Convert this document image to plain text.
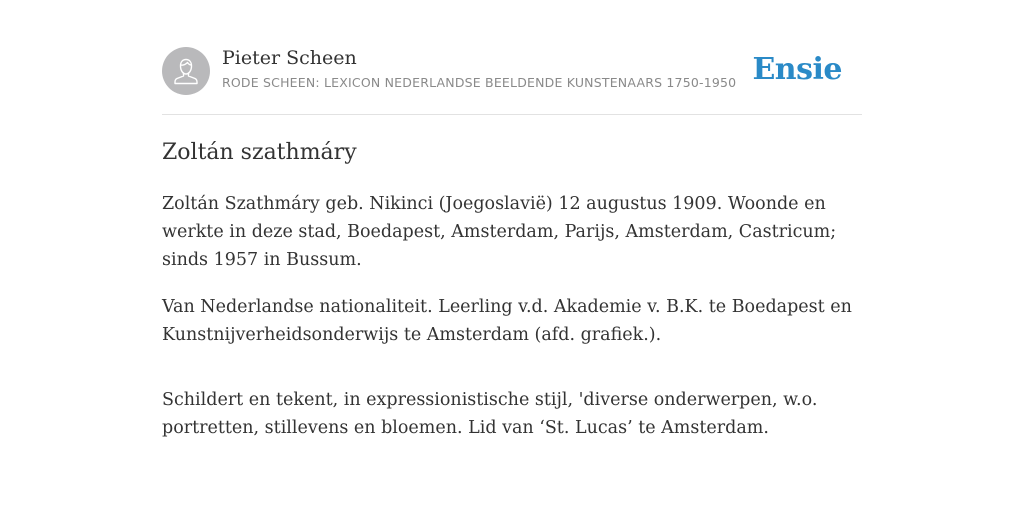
Pieter Scheen
RODE SCHEEN: LEXICON NEDERLANDSE BEELDENDE KUNSTENAARS 1750-1950 Ensie
Zoltán szathmáry

Zoltán Szathmáry geb. Nikinci (Joegoslavië) 12 augustus 1909. Woonde en werkte in deze stad, Boedapest, Amsterdam, Parijs, Amsterdam, Castricum; sinds 1957 in Bussum.

Van Nederlandse nationaliteit. Leerling v.d. Akademie v. B.K. te Boedapest en Kunstnijverheidsonderwijs te Amsterdam (afd. grafiek.).

Schildert en tekent, in expressionistische stijl, 'diverse onderwerpen, w.o. portretten, stillevens en bloemen. Lid van ‘St. Lucas’ te Amsterdam.
